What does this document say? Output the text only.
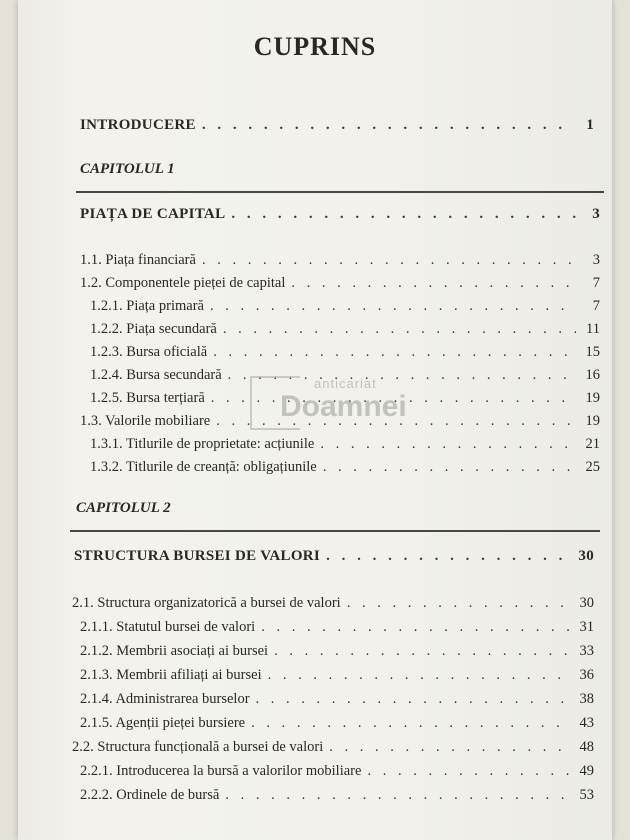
CUPRINS
INTRODUCERE . . .	1
CAPITOLUL 1
PIAȚA DE CAPITAL . . .	3
1.1. Piața financiară . . .	3
1.2. Componentele pieței de capital . . .	7
1.2.1. Piața primară . . .	7
1.2.2. Piața secundară . . .	11
1.2.3. Bursa oficială . . .	15
1.2.4. Bursa secundară . . .	16
1.2.5. Bursa terțiară . . .	19
1.3. Valorile mobiliare . . .	19
1.3.1. Titlurile de proprietate: acțiunile . . .	21
1.3.2. Titlurile de creanță: obligațiunile . . .	25
CAPITOLUL 2
STRUCTURA BURSEI DE VALORI . . .	30
2.1. Structura organizatorică a bursei de valori . . .	30
2.1.1. Statutul bursei de valori . . .	31
2.1.2. Membrii asociați ai bursei . . .	33
2.1.3. Membrii afiliați ai bursei . . .	36
2.1.4. Administrarea burselor . . .	38
2.1.5. Agenții pieței bursiere . . .	43
2.2. Structura funcțională a bursei de valori . . .	48
2.2.1. Introducerea la bursă a valorilor mobiliare . . .	49
2.2.2. Ordinele de bursă . . .	53
anticariat
Doamnei
